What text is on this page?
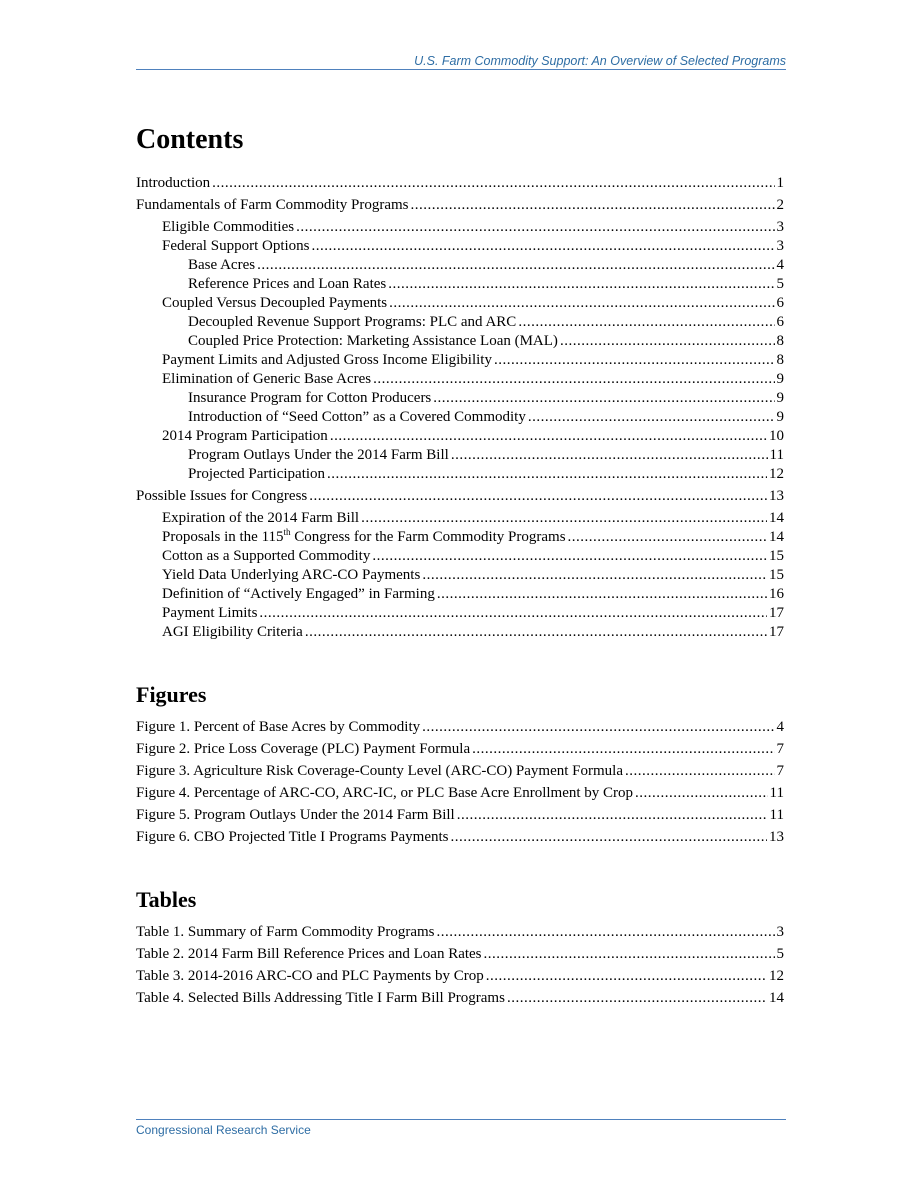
U.S. Farm Commodity Support: An Overview of Selected Programs
Contents
Introduction .....	1
Fundamentals of Farm Commodity Programs .....	2
Eligible Commodities .....	3
Federal Support Options .....	3
Base Acres .....	4
Reference Prices and Loan Rates .....	5
Coupled Versus Decoupled Payments .....	6
Decoupled Revenue Support Programs: PLC and ARC .....	6
Coupled Price Protection: Marketing Assistance Loan (MAL) .....	8
Payment Limits and Adjusted Gross Income Eligibility .....	8
Elimination of Generic Base Acres .....	9
Insurance Program for Cotton Producers .....	9
Introduction of “Seed Cotton” as a Covered Commodity .....	9
2014 Program Participation .....	10
Program Outlays Under the 2014 Farm Bill .....	11
Projected Participation .....	12
Possible Issues for Congress .....	13
Expiration of the 2014 Farm Bill .....	14
Proposals in the 115th Congress for the Farm Commodity Programs .....	14
Cotton as a Supported Commodity .....	15
Yield Data Underlying ARC-CO Payments .....	15
Definition of “Actively Engaged” in Farming .....	16
Payment Limits .....	17
AGI Eligibility Criteria .....	17
Figures
Figure 1. Percent of Base Acres by Commodity .....	4
Figure 2. Price Loss Coverage (PLC) Payment Formula .....	7
Figure 3. Agriculture Risk Coverage-County Level (ARC-CO) Payment Formula .....	7
Figure 4. Percentage of ARC-CO, ARC-IC, or PLC Base Acre Enrollment by Crop .....	11
Figure 5. Program Outlays Under the 2014 Farm Bill .....	11
Figure 6. CBO Projected Title I Programs Payments .....	13
Tables
Table 1. Summary of Farm Commodity Programs .....	3
Table 2. 2014 Farm Bill Reference Prices and Loan Rates .....	5
Table 3. 2014-2016 ARC-CO and PLC Payments by Crop .....	12
Table 4. Selected Bills Addressing Title I Farm Bill Programs .....	14
Congressional Research Service
